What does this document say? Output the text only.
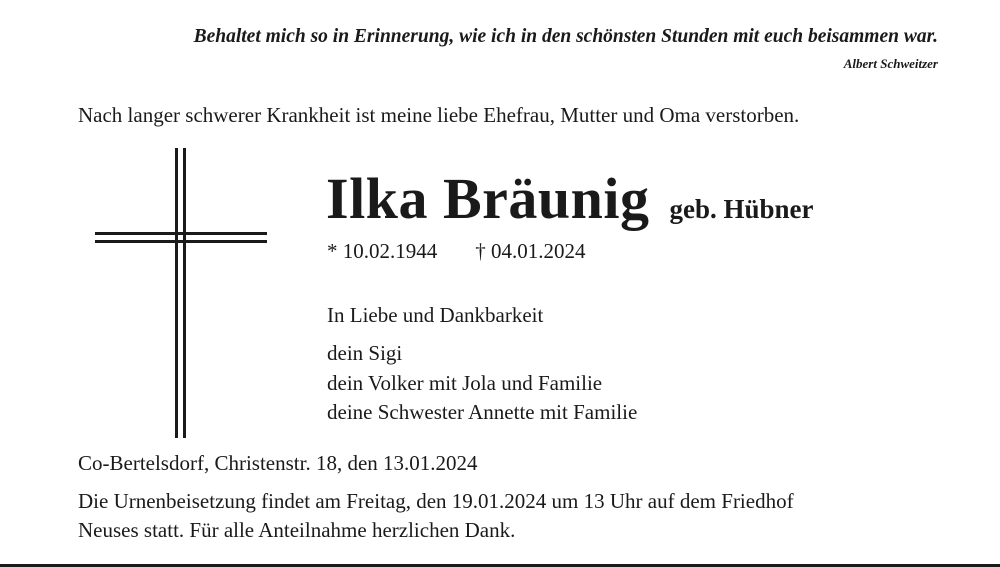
Behaltet mich so in Erinnerung, wie ich in den schönsten Stunden mit euch beisammen war.
Albert Schweitzer
Nach langer schwerer Krankheit ist meine liebe Ehefrau, Mutter und Oma verstorben.
Ilka Bräunig geb. Hübner
* 10.02.1944 † 04.01.2024
In Liebe und Dankbarkeit
dein Sigi
dein Volker mit Jola und Familie
deine Schwester Annette mit Familie
Co-Bertelsdorf, Christenstr. 18, den 13.01.2024
Die Urnenbeisetzung findet am Freitag, den 19.01.2024 um 13 Uhr auf dem Friedhof
Neuses statt. Für alle Anteilnahme herzlichen Dank.
